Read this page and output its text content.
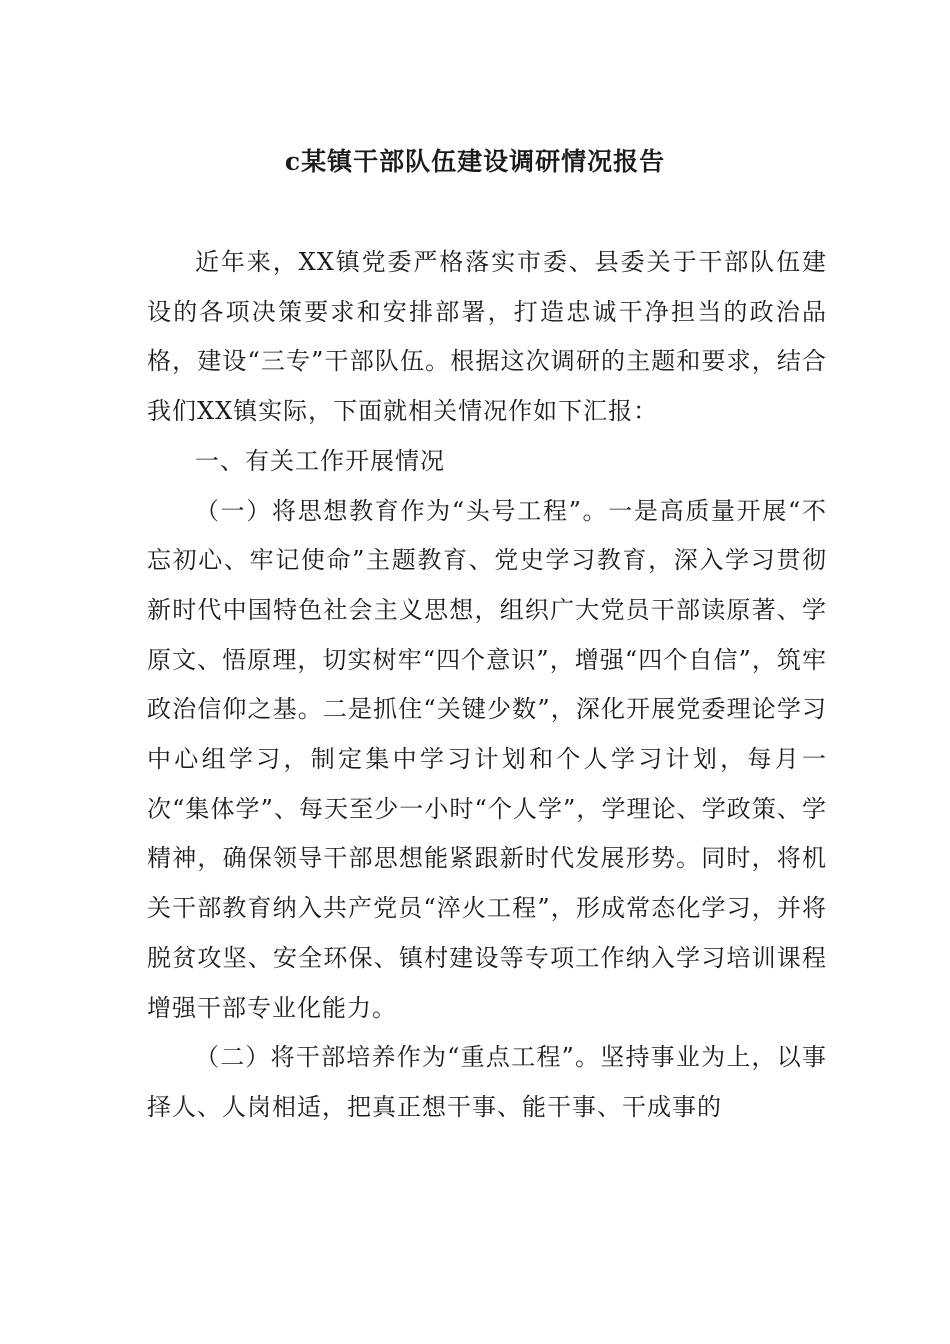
c某镇干部队伍建设调研情况报告

近年来，XX镇党委严格落实市委、县委关于干部队伍建设的各项决策要求和安排部署，打造忠诚干净担当的政治品格，建设“三专”干部队伍。根据这次调研的主题和要求，结合我们XX镇实际，下面就相关情况作如下汇报：

一、有关工作开展情况

（一）将思想教育作为“头号工程”。一是高质量开展“不忘初心、牢记使命”主题教育、党史学习教育，深入学习贯彻新时代中国特色社会主义思想，组织广大党员干部读原著、学原文、悟原理，切实树牢“四个意识”，增强“四个自信”，筑牢政治信仰之基。二是抓住“关键少数”，深化开展党委理论学习中心组学习，制定集中学习计划和个人学习计划，每月一次“集体学”、每天至少一小时“个人学”，学理论、学政策、学精神，确保领导干部思想能紧跟新时代发展形势。同时，将机关干部教育纳入共产党员“淬火工程”，形成常态化学习，并将脱贫攻坚、安全环保、镇村建设等专项工作纳入学习培训课程增强干部专业化能力。

（二）将干部培养作为“重点工程”。坚持事业为上，以事择人、人岗相适，把真正想干事、能干事、干成事的
